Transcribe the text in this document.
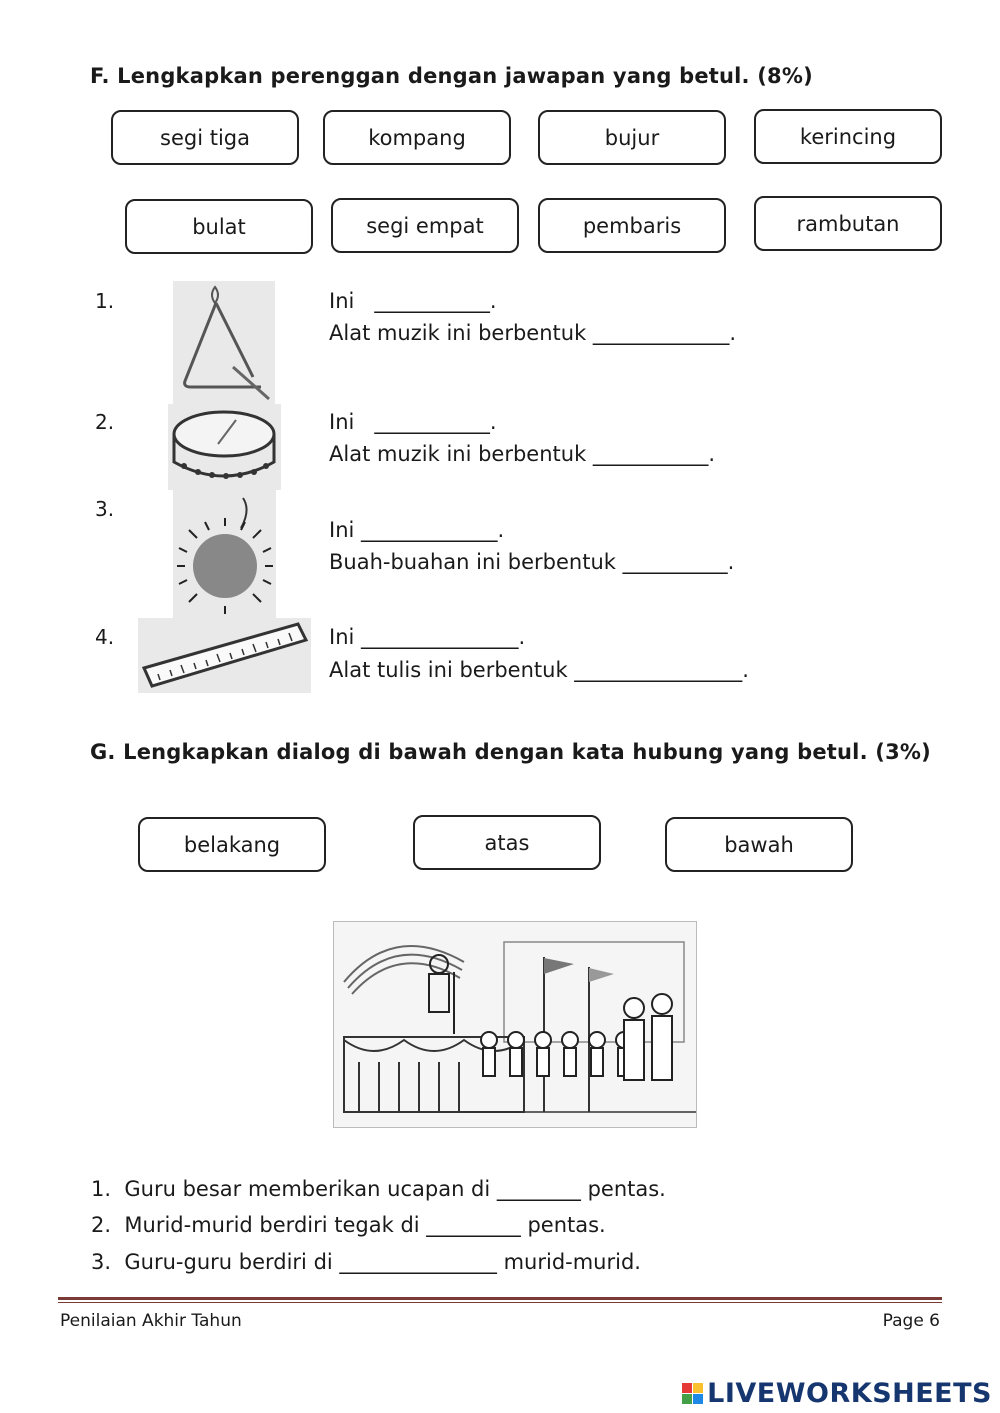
F. Lengkapkan perenggan dengan jawapan yang betul. (8%)
segi tiga	kompang	bujur	kerincing
bulat	segi empat	pembaris	rambutan
1.	Ini   ___________.
Alat muzik ini berbentuk _____________.
2.	Ini   ___________.
Alat muzik ini berbentuk ___________.
3.
Ini _____________.
Buah-buahan ini berbentuk __________.
4.	Ini _______________.
Alat tulis ini berbentuk ________________.
G. Lengkapkan dialog di bawah dengan kata hubung yang betul. (3%)
belakang	atas	bawah
1.  Guru besar memberikan ucapan di ________ pentas.
2.  Murid-murid berdiri tegak di _________ pentas.
3.  Guru-guru berdiri di _______________ murid-murid.
Penilaian Akhir Tahun	Page 6
LIVEWORKSHEETS
